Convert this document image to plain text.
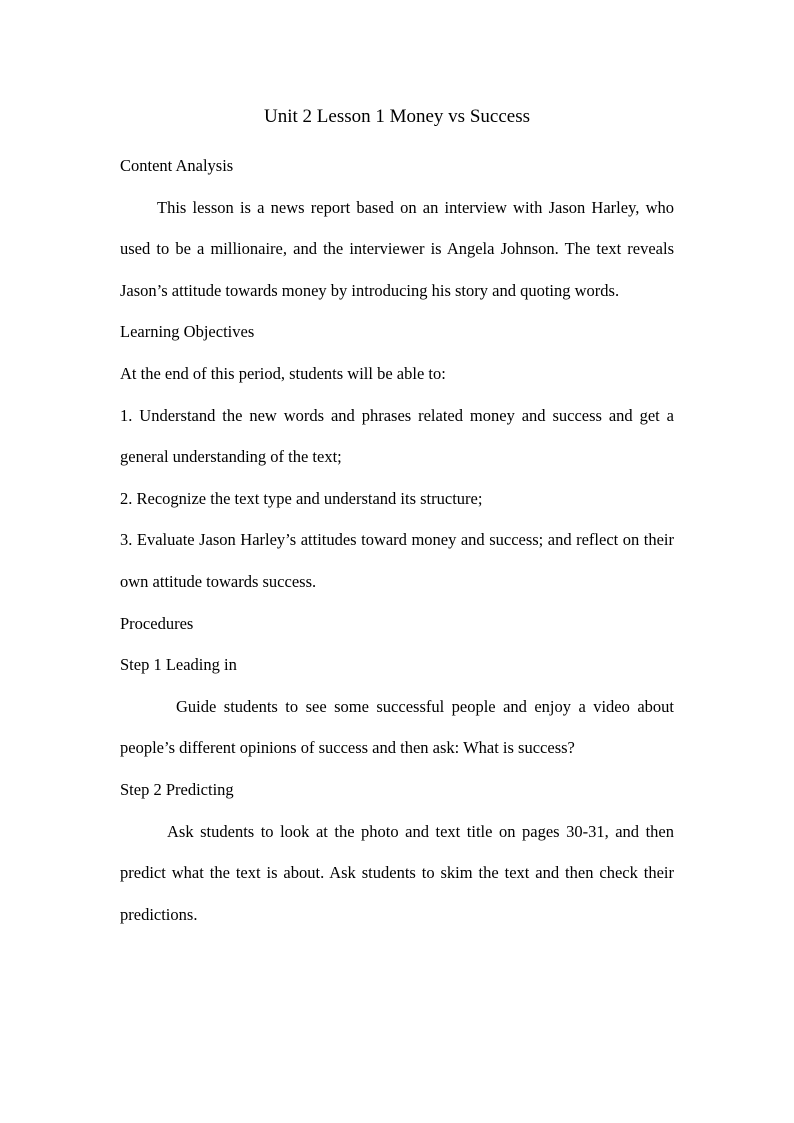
Unit 2 Lesson 1 Money vs Success

Content Analysis

This lesson is a news report based on an interview with Jason Harley, who used to be a millionaire, and the interviewer is Angela Johnson. The text reveals Jason’s attitude towards money by introducing his story and quoting words.

Learning Objectives

At the end of this period, students will be able to:

1. Understand the new words and phrases related money and success and get a general understanding of the text;

2. Recognize the text type and understand its structure;

3. Evaluate Jason Harley’s attitudes toward money and success; and reflect on their own attitude towards success.

Procedures

Step 1 Leading in

Guide students to see some successful people and enjoy a video about people’s different opinions of success and then ask: What is success?

Step 2 Predicting

Ask students to look at the photo and text title on pages 30-31, and then predict what the text is about. Ask students to skim the text and then check their predictions.
